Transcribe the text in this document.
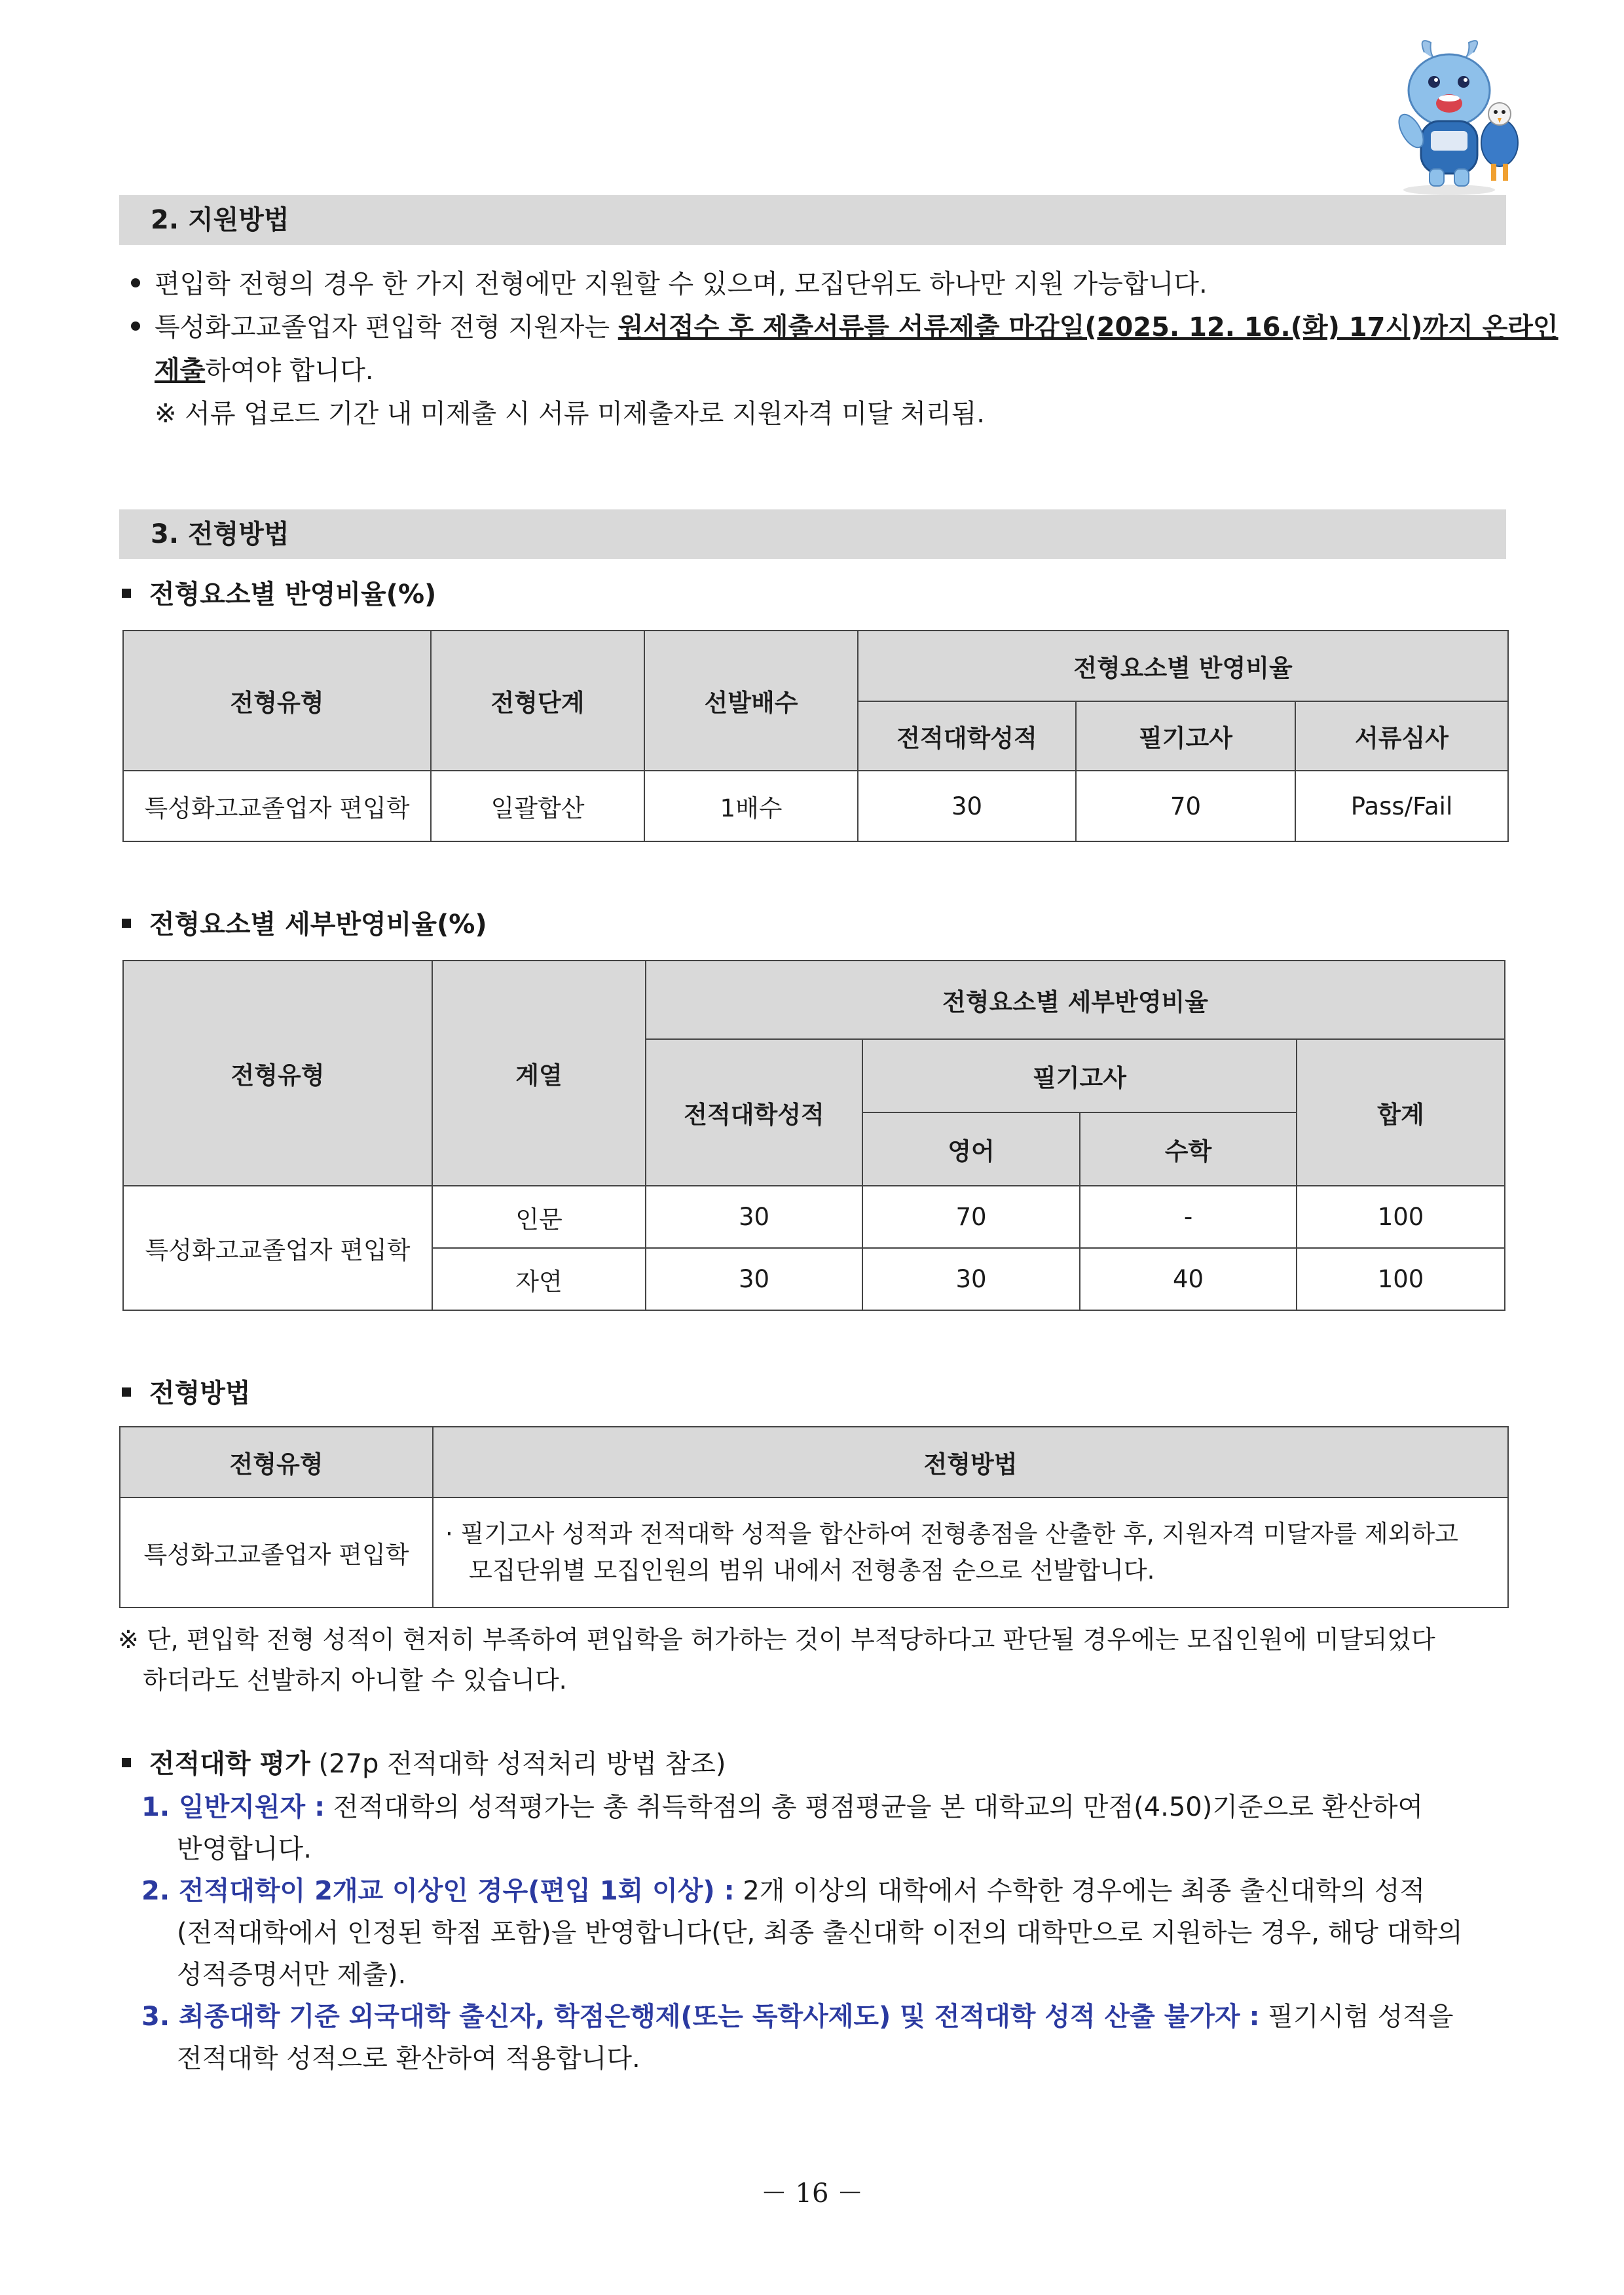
2. 지원방법
편입학 전형의 경우 한 가지 전형에만 지원할 수 있으며, 모집단위도 하나만 지원 가능합니다.
특성화고교졸업자 편입학 전형 지원자는 원서접수 후 제출서류를 서류제출 마감일(2025. 12. 16.(화) 17시)까지 온라인
제출하여야 합니다.
※ 서류 업로드 기간 내 미제출 시 서류 미제출자로 지원자격 미달 처리됨.
3. 전형방법
전형요소별 반영비율(%)
전형유형	전형단계	선발배수	전형요소별 반영비율		
			전적대학성적	필기고사	서류심사
특성화고교졸업자 편입학	일괄합산	1배수	30	70	Pass/Fail
전형요소별 세부반영비율(%)
전형유형	계열	전형요소별 세부반영비율			
		전적대학성적	필기고사		합계
			영어	수학	
특성화고교졸업자 편입학	인문	30	70	-	100
	자연	30	30	40	100
전형방법
전형유형	전형방법
특성화고교졸업자 편입학	· 필기고사 성적과 전적대학 성적을 합산하여 전형총점을 산출한 후, 지원자격 미달자를 제외하고
모집단위별 모집인원의 범위 내에서 전형총점 순으로 선발합니다.
※ 단, 편입학 전형 성적이 현저히 부족하여 편입학을 허가하는 것이 부적당하다고 판단될 경우에는 모집인원에 미달되었다
하더라도 선발하지 아니할 수 있습니다.
전적대학 평가 (27p 전적대학 성적처리 방법 참조)
1. 일반지원자 : 전적대학의 성적평가는 총 취득학점의 총 평점평균을 본 대학교의 만점(4.50)기준으로 환산하여
반영합니다.
2. 전적대학이 2개교 이상인 경우(편입 1회 이상) : 2개 이상의 대학에서 수학한 경우에는 최종 출신대학의 성적
(전적대학에서 인정된 학점 포함)을 반영합니다(단, 최종 출신대학 이전의 대학만으로 지원하는 경우, 해당 대학의
성적증명서만 제출).
3. 최종대학 기준 외국대학 출신자, 학점은행제(또는 독학사제도) 및 전적대학 성적 산출 불가자 : 필기시험 성적을
전적대학 성적으로 환산하여 적용합니다.
－ 16 －
